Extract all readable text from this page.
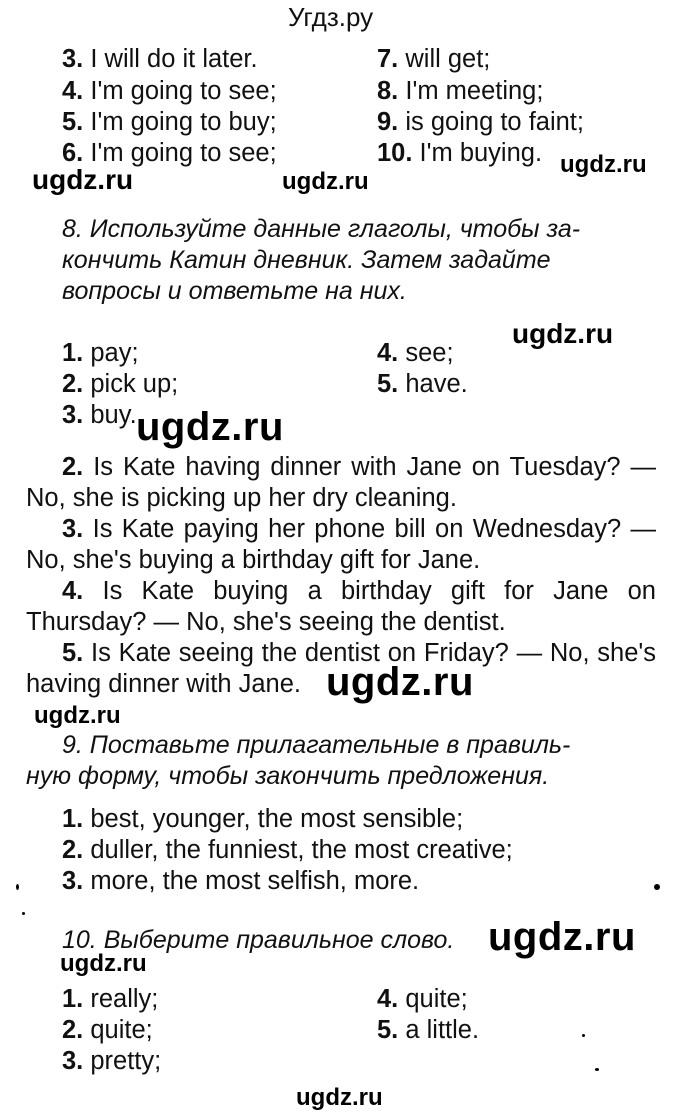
Угдз.ру
3. I will do it later.
4. I'm going to see;
5. I'm going to buy;
6. I'm going to see;
7. will get;
8. I'm meeting;
9. is going to faint;
10. I'm buying.
ugdz.ru	ugdz.ru
ugdz.ru
8. Используйте данные глаголы, чтобы за-
кончить Катин дневник. Затем задайте
вопросы и ответьте на них.
ugdz.ru
1. pay;
2. pick up;
3. buy.
4. see;
5. have.
ugdz.ru
2. Is Kate having dinner with Jane on Tuesday? —
No, she is picking up her dry cleaning.
3. Is Kate paying her phone bill on Wednesday? —
No, she's buying a birthday gift for Jane.
4. Is Kate buying a birthday gift for Jane on
Thursday? — No, she's seeing the dentist.
5. Is Kate seeing the dentist on Friday? — No, she's
having dinner with Jane. ugdz.ru
ugdz.ru
9. Поставьте прилагательные в правиль-
ную форму, чтобы закончить предложения.
1. best, younger, the most sensible;
2. duller, the funniest, the most creative;
3. more, the most selfish, more.
10. Выберите правильное слово. ugdz.ru
ugdz.ru
1. really;
2. quite;
3. pretty;
4. quite;
5. a little.
ugdz.ru
